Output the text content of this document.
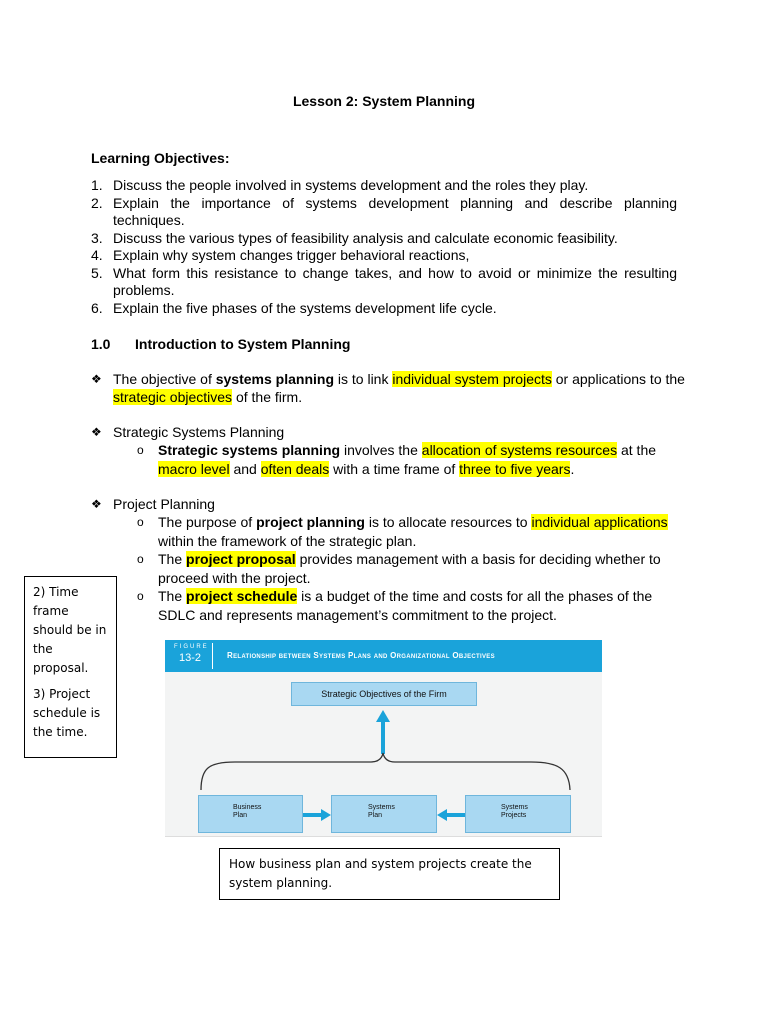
Lesson 2: System Planning
Learning Objectives:
1. Discuss the people involved in systems development and the roles they play.
2. Explain the importance of systems development planning and describe planning techniques.
3. Discuss the various types of feasibility analysis and calculate economic feasibility.
4. Explain why system changes trigger behavioral reactions,
5. What form this resistance to change takes, and how to avoid or minimize the resulting problems.
6. Explain the five phases of the systems development life cycle.
1.0 Introduction to System Planning
❖ The objective of systems planning is to link individual system projects or applications to the strategic objectives of the firm.
❖ Strategic Systems Planning
o Strategic systems planning involves the allocation of systems resources at the macro level and often deals with a time frame of three to five years.
❖ Project Planning
o The purpose of project planning is to allocate resources to individual applications within the framework of the strategic plan.
o The project proposal provides management with a basis for deciding whether to proceed with the project.
o The project schedule is a budget of the time and costs for all the phases of the SDLC and represents management’s commitment to the project.

2) Time frame should be in the proposal.

3) Project schedule is the time.

FIGURE
13-2	Relationship between Systems Plans and Organizational Objectives
Strategic Objectives of the Firm
Business
Plan
Systems
Plan
Systems
Projects
How business plan and system projects create the system planning.
